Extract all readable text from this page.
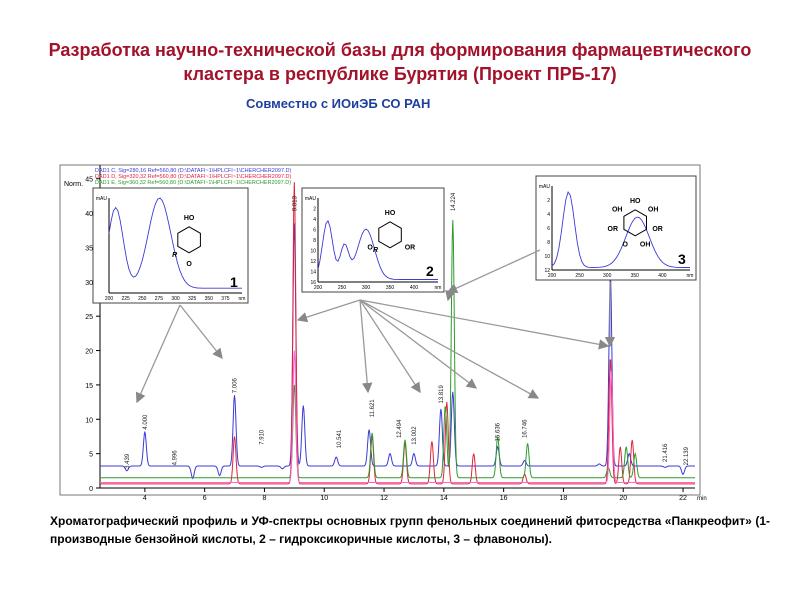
Разработка научно-технической базы для формирования фармацевтического кластера в республике Бурятия (Проект ПРБ-17)
Совместно с ИОиЭБ СО РАН
Norm.
0
5
10
15
20
25
30
35
40
45
4	6	8	10	12	14	16	18	20	22 min
3.439
4.000
4.996
7.006
7.910
9.013
10.541
11.621
12.494 13.002
13.819
14.224
15.636	16.746
21.416 22.139
DAD1 C, Sig=280,16 Ref=560,80 (D:\DATAFI~1\HPLCFI~1\CHERCHER2097.D)
DAD1 D, Sig=320,32 Ref=560,80 (D:\DATAFI~1\HPLCFI~1\CHERCHER2097.D)
DAD1 E, Sig=360,32 Ref=560,80 (D:\DATAFI~1\HPLCFI~1\CHERCHER2097.D)
200 225 250 275 300 325 350 375 nm
mAU
1
HO
O
R
200	250	300	350	400	nm
mAU
2
4
6
8
10
12
14
16
2
HO
OR
O R
200	250	300	350	400	nm
mAU
2
4
6
8
10
12
3
HO
OH
OR
OH
O
OR
OH
Хроматографический профиль и УФ-спектры основных групп фенольных соединений фитосредства «Панкреофит» (1- производные бензойной кислоты, 2 – гидроксикоричные кислоты, 3 – флавонолы).
